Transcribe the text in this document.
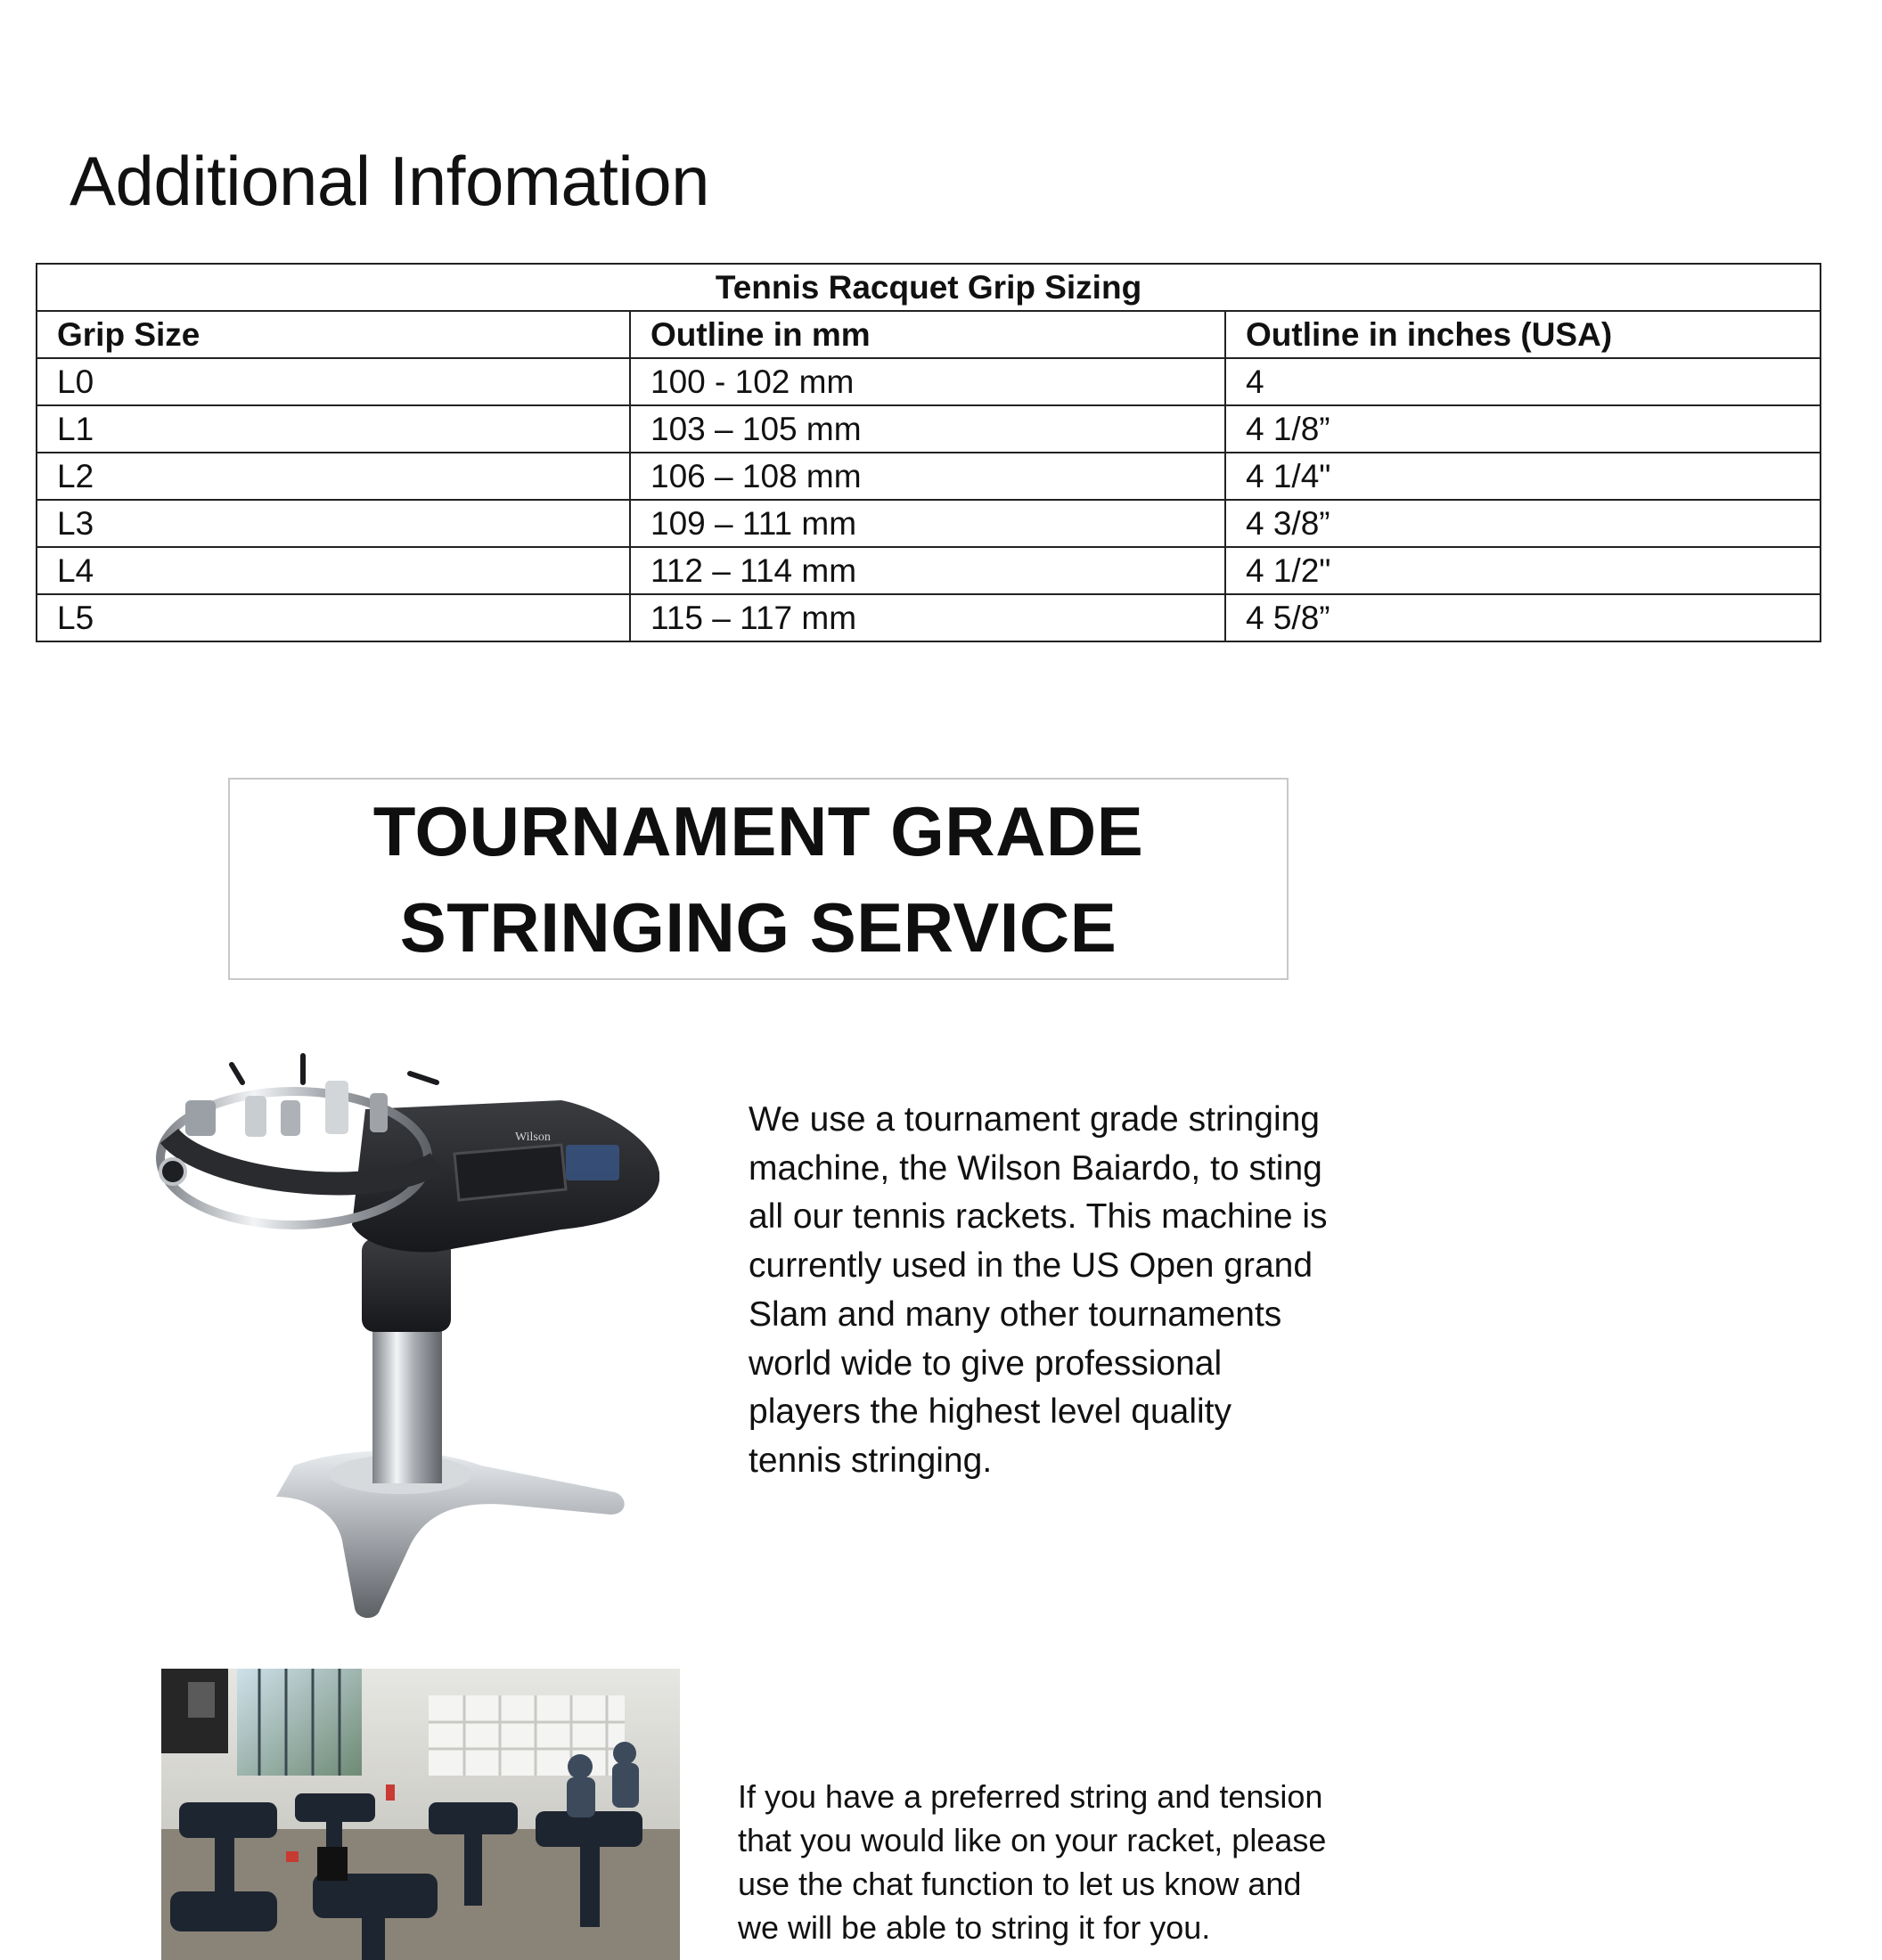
Additional Infomation
Tennis Racquet Grip Sizing		
Grip Size	Outline in mm	Outline in inches (USA)
L0	100 - 102 mm	4
L1	103 – 105 mm	4 1/8”
L2	106 – 108 mm	4 1/4"
L3	109 – 111 mm	4 3/8”
L4	112 – 114 mm	4 1/2"
L5	115 – 117 mm	4 5/8”
TOURNAMENT GRADE
STRINGING SERVICE
Wilson	We use a tournament grade stringing
machine, the Wilson Baiardo, to sting
all our tennis rackets. This machine is
currently used in the US Open grand
Slam and many other tournaments
world wide to give professional
players the highest level quality
tennis stringing.
If you have a preferred string and tension
that you would like on your racket, please
use the chat function to let us know and
we will be able to string it for you.
